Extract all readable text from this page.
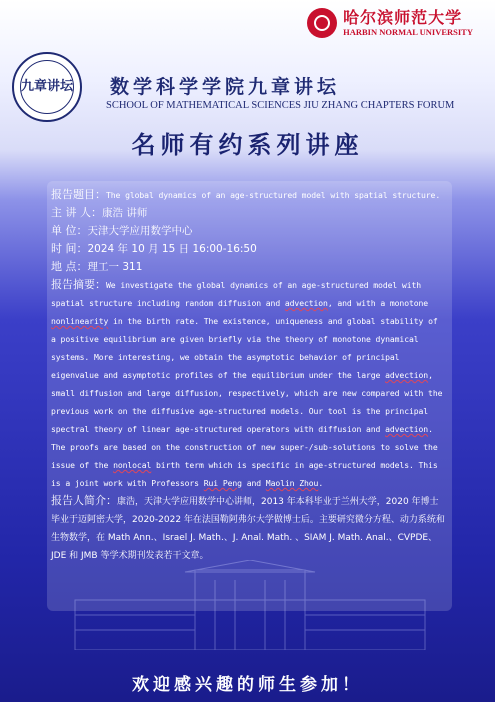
哈尔滨师范大学
HARBIN NORMAL UNIVERSITY
九章讲坛 数学科学学院九章讲坛
SCHOOL OF MATHEMATICAL SCIENCES JIU ZHANG CHAPTERS FORUM
名师有约系列讲座
报告题目：The global dynamics of an age-structured model with spatial structure.
主 讲 人：康浩 讲师
单 位：天津大学应用数学中心
时 间：2024 年 10 月 15 日 16:00-16:50
地 点：理工一 311
报告摘要：We investigate the global dynamics of an age-structured model with spatial structure including random diffusion and advection, and with a monotone nonlinearity in the birth rate. The existence, uniqueness and global stability of a positive equilibrium are given briefly via the theory of monotone dynamical systems. More interesting, we obtain the asymptotic behavior of principal eigenvalue and asymptotic profiles of the equilibrium under the large advection, small diffusion and large diffusion, respectively, which are new compared with the previous work on the diffusive age-structured models. Our tool is the principal spectral theory of linear age-structured operators with diffusion and advection. The proofs are based on the construction of new super-/sub-solutions to solve the issue of the nonlocal birth term which is specific in age-structured models. This is a joint work with Professors Rui Peng and Maolin Zhou.
报告人简介：康浩，天津大学应用数学中心讲师，2013 年本科毕业于兰州大学，2020 年博士毕业于迈阿密大学，2020-2022 年在法国勒阿弗尔大学做博士后。主要研究微分方程、动力系统和生物数学，在 Math Ann.、Israel J. Math.、J. Anal. Math. 、SIAM J. Math. Anal.、CVPDE、JDE 和 JMB 等学术期刊发表若干文章。
欢迎感兴趣的师生参加！
